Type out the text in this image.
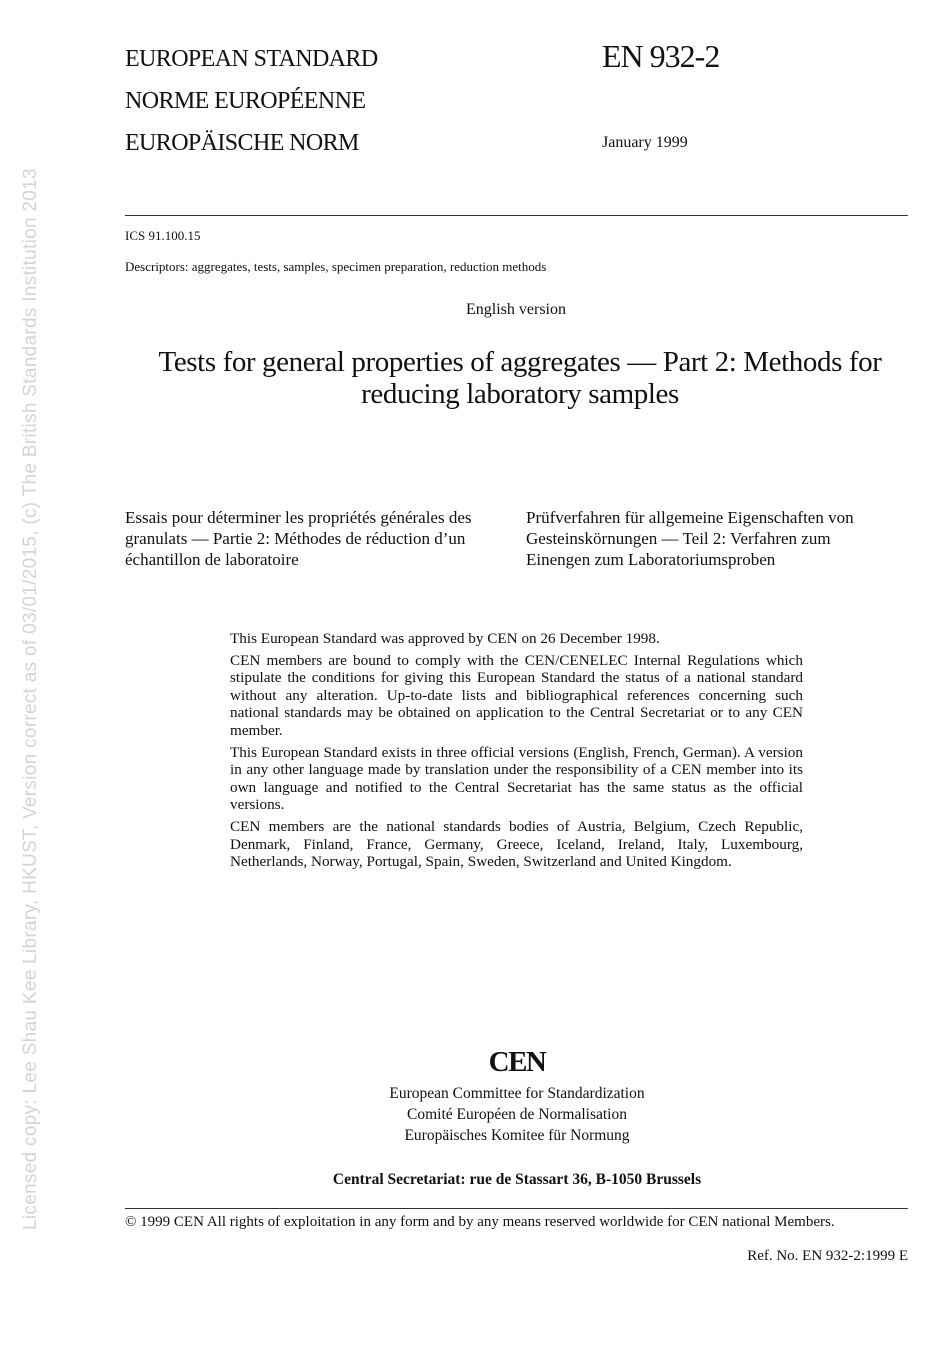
Licensed copy: Lee Shau Kee Library, HKUST, Version correct as of 03/01/2015, (c) The British Standards Institution 2013
EUROPEAN STANDARD
NORME EUROPÉENNE
EUROPÄISCHE NORM
EN 932-2
January 1999
ICS 91.100.15
Descriptors: aggregates, tests, samples, specimen preparation, reduction methods
English version
Tests for general properties of aggregates — Part 2: Methods for reducing laboratory samples
Essais pour déterminer les propriétés générales des granulats — Partie 2: Méthodes de réduction d’un échantillon de laboratoire
Prüfverfahren für allgemeine Eigenschaften von Gesteinskörnungen — Teil 2: Verfahren zum Einengen zum Laboratoriumsproben

This European Standard was approved by CEN on 26 December 1998.

CEN members are bound to comply with the CEN/CENELEC Internal Regulations which stipulate the conditions for giving this European Standard the status of a national standard without any alteration. Up-to-date lists and bibliographical references concerning such national standards may be obtained on application to the Central Secretariat or to any CEN member.

This European Standard exists in three official versions (English, French, German). A version in any other language made by translation under the responsibility of a CEN member into its own language and notified to the Central Secretariat has the same status as the official versions.

CEN members are the national standards bodies of Austria, Belgium, Czech Republic, Denmark, Finland, France, Germany, Greece, Iceland, Ireland, Italy, Luxembourg, Netherlands, Norway, Portugal, Spain, Sweden, Switzerland and United Kingdom.

CEN
European Committee for Standardization
Comité Européen de Normalisation
Europäisches Komitee für Normung
Central Secretariat: rue de Stassart 36, B-1050 Brussels
© 1999 CEN All rights of exploitation in any form and by any means reserved worldwide for CEN national Members.
Ref. No. EN 932-2:1999 E
